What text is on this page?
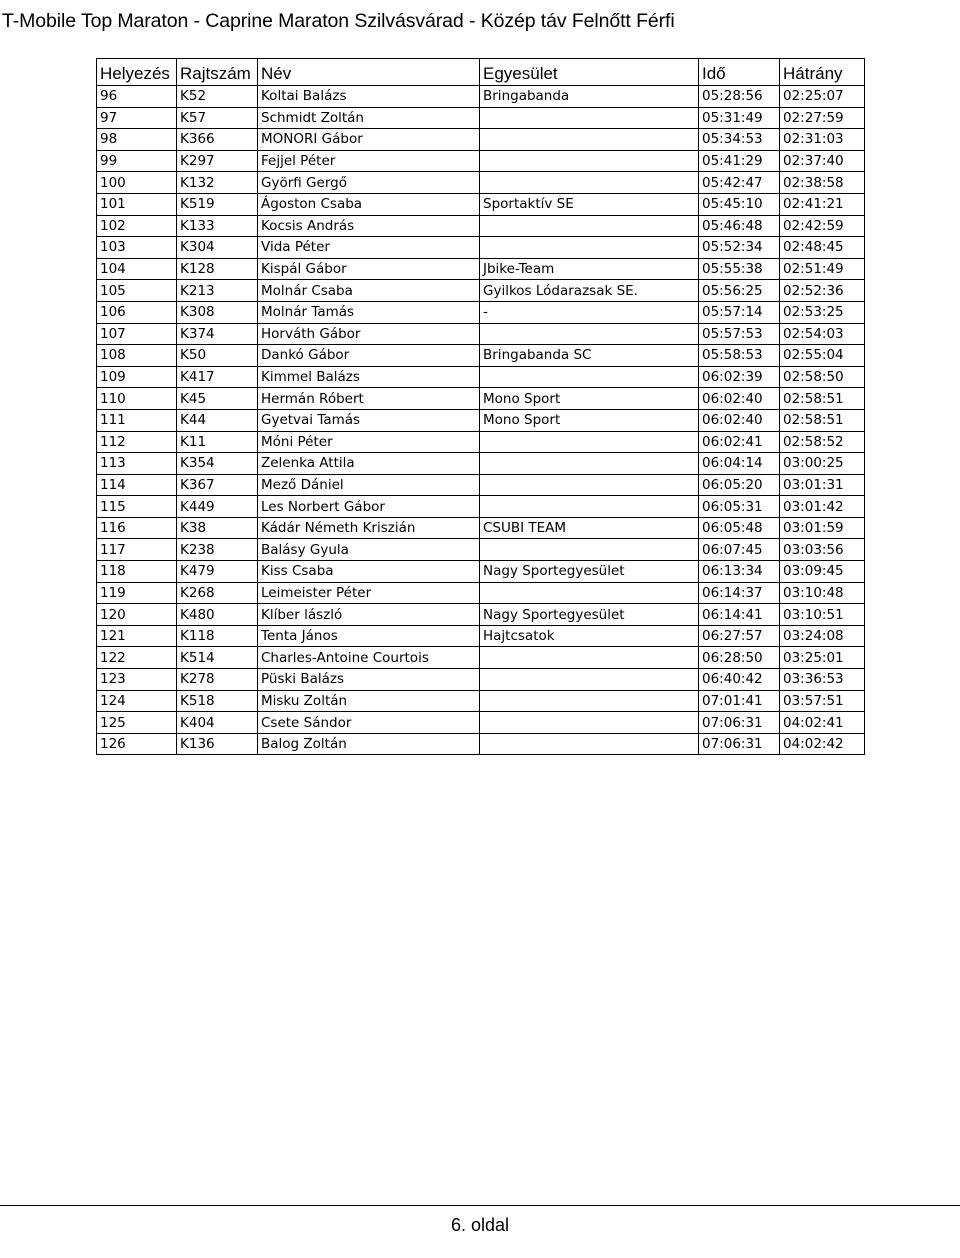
T-Mobile Top Maraton - Caprine Maraton Szilvásvárad - Közép táv Felnőtt Férfi
Helyezés	Rajtszám	Név	Egyesület	Idő	Hátrány
96	K52	Koltai Balázs	Bringabanda	05:28:56	02:25:07
97	K57	Schmidt Zoltán		05:31:49	02:27:59
98	K366	MONORI Gábor		05:34:53	02:31:03
99	K297	Fejjel Péter		05:41:29	02:37:40
100	K132	Györfi Gergő		05:42:47	02:38:58
101	K519	Ágoston Csaba	Sportaktív SE	05:45:10	02:41:21
102	K133	Kocsis András		05:46:48	02:42:59
103	K304	Vida Péter		05:52:34	02:48:45
104	K128	Kispál Gábor	Jbike-Team	05:55:38	02:51:49
105	K213	Molnár Csaba	Gyilkos Lódarazsak SE.	05:56:25	02:52:36
106	K308	Molnár Tamás	-	05:57:14	02:53:25
107	K374	Horváth Gábor		05:57:53	02:54:03
108	K50	Dankó Gábor	Bringabanda SC	05:58:53	02:55:04
109	K417	Kimmel Balázs		06:02:39	02:58:50
110	K45	Hermán Róbert	Mono Sport	06:02:40	02:58:51
111	K44	Gyetvai Tamás	Mono Sport	06:02:40	02:58:51
112	K11	Móni Péter		06:02:41	02:58:52
113	K354	Zelenka Attila		06:04:14	03:00:25
114	K367	Mező Dániel		06:05:20	03:01:31
115	K449	Les Norbert Gábor		06:05:31	03:01:42
116	K38	Kádár Németh Kriszián	CSUBI TEAM	06:05:48	03:01:59
117	K238	Balásy Gyula		06:07:45	03:03:56
118	K479	Kiss Csaba	Nagy Sportegyesület	06:13:34	03:09:45
119	K268	Leimeister Péter		06:14:37	03:10:48
120	K480	Klíber lászló	Nagy Sportegyesület	06:14:41	03:10:51
121	K118	Tenta János	Hajtcsatok	06:27:57	03:24:08
122	K514	Charles-Antoine Courtois		06:28:50	03:25:01
123	K278	Püski Balázs		06:40:42	03:36:53
124	K518	Misku Zoltán		07:01:41	03:57:51
125	K404	Csete Sándor		07:06:31	04:02:41
126	K136	Balog Zoltán		07:06:31	04:02:42
6. oldal
